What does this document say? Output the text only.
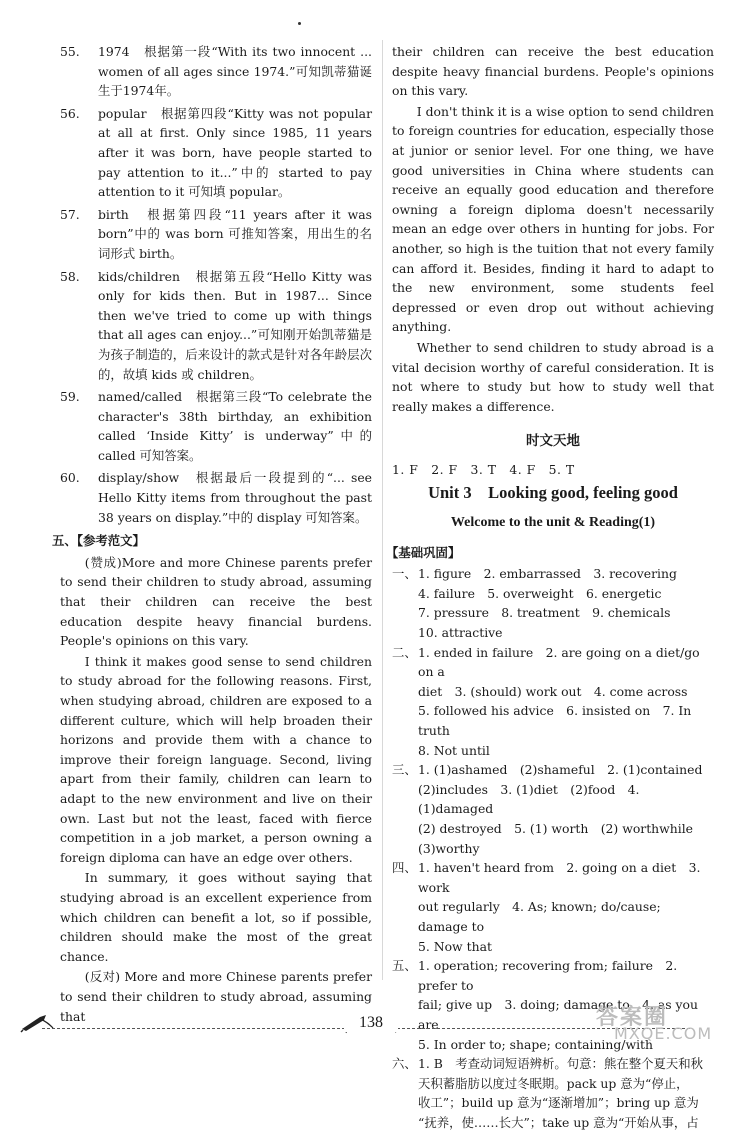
55.	1974　根据第一段“With its two innocent ... women of all ages since 1974.”可知凯蒂猫诞生于1974年。
56.	popular　根据第四段“Kitty was not popular at all at first. Only since 1985, 11 years after it was born, have people started to pay attention to it...”中的 started to pay attention to it 可知填 popular。
57.	birth　根据第四段“11 years after it was born”中的 was born 可推知答案，用出生的名词形式 birth。
58.	kids/children　根据第五段“Hello Kitty was only for kids then. But in 1987... Since then we've tried to come up with things that all ages can enjoy...”可知刚开始凯蒂猫是为孩子制造的，后来设计的款式是针对各年龄层次的，故填 kids 或 children。
59.	named/called　根据第三段“To celebrate the character's 38th birthday, an exhibition called ‘Inside Kitty’ is underway”中的 called 可知答案。
60.	display/show　根据最后一段提到的“... see Hello Kitty items from throughout the past 38 years on display.”中的 display 可知答案。
五、【参考范文】

(赞成)More and more Chinese parents prefer to send their children to study abroad, assuming that their children can receive the best education despite heavy financial burdens. People's opinions on this vary.

I think it makes good sense to send children to study abroad for the following reasons. First, when studying abroad, children are exposed to a different culture, which will help broaden their horizons and provide them with a chance to improve their foreign language. Second, living apart from their family, children can learn to adapt to the new environment and live on their own. Last but not the least, faced with fierce competition in a job market, a person owning a foreign diploma can have an edge over others.

In summary, it goes without saying that studying abroad is an excellent experience from which children can benefit a lot, so if possible, children should make the most of the great chance.

(反对) More and more Chinese parents prefer to send their children to study abroad, assuming that

their children can receive the best education despite heavy financial burdens. People's opinions on this vary.

I don't think it is a wise option to send children to foreign countries for education, especially those at junior or senior level. For one thing, we have good universities in China where students can receive an equally good education and therefore owning a foreign diploma doesn't necessarily mean an edge over others in hunting for jobs. For another, so high is the tuition that not every family can afford it. Besides, finding it hard to adapt to the new environment, some students feel depressed or even drop out without achieving anything.

Whether to send children to study abroad is a vital decision worthy of careful consideration. It is not where to study but how to study well that really makes a difference.

时文天地
1. F　2. F　3. T　4. F　5. T
Unit 3　Looking good, feeling good
Welcome to the unit & Reading(1)
【基础巩固】
一、 1. figure　2. embarrassed　3. recovering
4. failure　5. overweight　6. energetic
7. pressure　8. treatment　9. chemicals
10. attractive
二、 1. ended in failure　2. are going on a diet/go on a
diet　3. (should) work out　4. come across
5. followed his advice　6. insisted on　7. In truth
8. Not until
三、 1. (1)ashamed　(2)shameful　2. (1)contained
(2)includes　3. (1)diet　(2)food　4. (1)damaged
(2) destroyed　5. (1) worth　(2) worthwhile
(3)worthy
四、 1. haven't heard from　2. going on a diet　3. work
out regularly　4. As; known; do/cause; damage to
5. Now that
五、 1. operation; recovering from; failure　2. prefer to
fail; give up　3. doing; damage to　4. as you are
5. In order to; shape; containing/with
六、 1. B　考查动词短语辨析。句意：熊在整个夏天和秋
天积蓄脂肪以度过冬眠期。pack up 意为“停止，
收工”；build up 意为“逐渐增加”；bring up 意为
“抚养，使……长大”；take up 意为“开始从事，占
138	答案圈
MXQE.COM
